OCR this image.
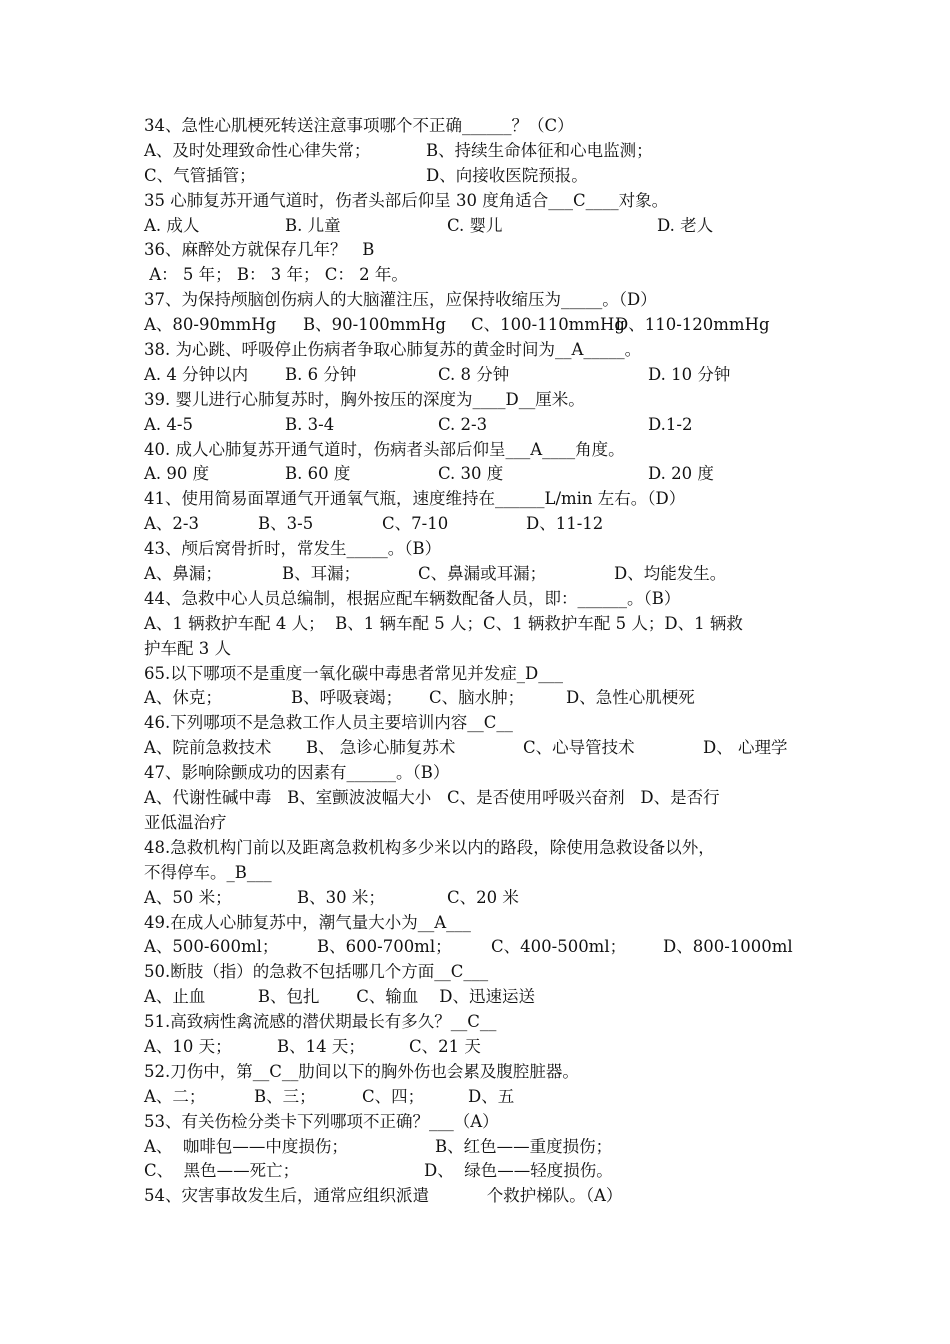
34、急性心肌梗死转送注意事项哪个不正确______？（C）
A、及时处理致命性心律失常；	B、持续生命体征和心电监测；
C、气管插管；	D、向接收医院预报。
35 心肺复苏开通气道时，伤者头部后仰呈 30 度角适合___C____对象。
A. 成人	B. 儿童	C. 婴儿	D. 老人
36、麻醉处方就保存几年？   B
A： 5 年； B： 3 年； C： 2 年。
37、为保持颅脑创伤病人的大脑灌注压，应保持收缩压为_____。（D）
A、80-90mmHg	B、90-100mmHg	C、100-110mmHg
D、110-120mmHg
38. 为心跳、呼吸停止伤病者争取心肺复苏的黄金时间为__A_____。
A. 4 分钟以内	B. 6 分钟	C. 8 分钟	D. 10 分钟
39. 婴儿进行心肺复苏时，胸外按压的深度为____D__厘米。
A. 4-5	B. 3-4	C. 2-3	D.1-2
40. 成人心肺复苏开通气道时，伤病者头部后仰呈___A____角度。
A. 90 度	B. 60 度	C. 30 度	D. 20 度
41、使用简易面罩通气开通氧气瓶，速度维持在______L/min 左右。（D）
A、2-3	B、3-5	C、7-10	D、11-12
43、颅后窝骨折时，常发生_____。（B）
A、鼻漏；	B、耳漏；	C、鼻漏或耳漏；	D、均能发生。
44、急救中心人员总编制，根据应配车辆数配备人员，即：______。（B）
A、1 辆救护车配 4 人；  B、1 辆车配 5 人；C、1 辆救护车配 5 人；D、1 辆救
护车配 3 人
65.以下哪项不是重度一氧化碳中毒患者常见并发症_D___
A、休克；	B、呼吸衰竭；	C、脑水肿；	D、急性心肌梗死
46.下列哪项不是急救工作人员主要培训内容__C__
A、院前急救技术	B、 急诊心肺复苏术	C、心导管技术	D、 心理学
47、影响除颤成功的因素有______。（B）
A、代谢性碱中毒   B、室颤波波幅大小   C、是否使用呼吸兴奋剂   D、是否行
亚低温治疗
48.急救机构门前以及距离急救机构多少米以内的路段，除使用急救设备以外，
不得停车。_B___
A、50 米；	B、30 米；	C、20 米
49.在成人心肺复苏中，潮气量大小为__A___
A、500-600ml；	B、600-700ml；	C、400-500ml；	D、800-1000ml
50.断肢（指）的急救不包括哪几个方面__C___
A、止血          B、包扎       C、输血    D、迅速运送
51.高致病性禽流感的潜伏期最长有多久？__C__
A、10 天；	B、14 天；	C、21 天
52.刀伤中，第__C__肋间以下的胸外伤也会累及腹腔脏器。
A、二；	B、三；	C、四；	D、五
53、有关伤检分类卡下列哪项不正确？___（A）
A、  咖啡包——中度损伤；	B、红色——重度损伤；
C、  黑色——死亡；	D、  绿色——轻度损伤。
54、灾害事故发生后，通常应组织派遣           个救护梯队。（A）
